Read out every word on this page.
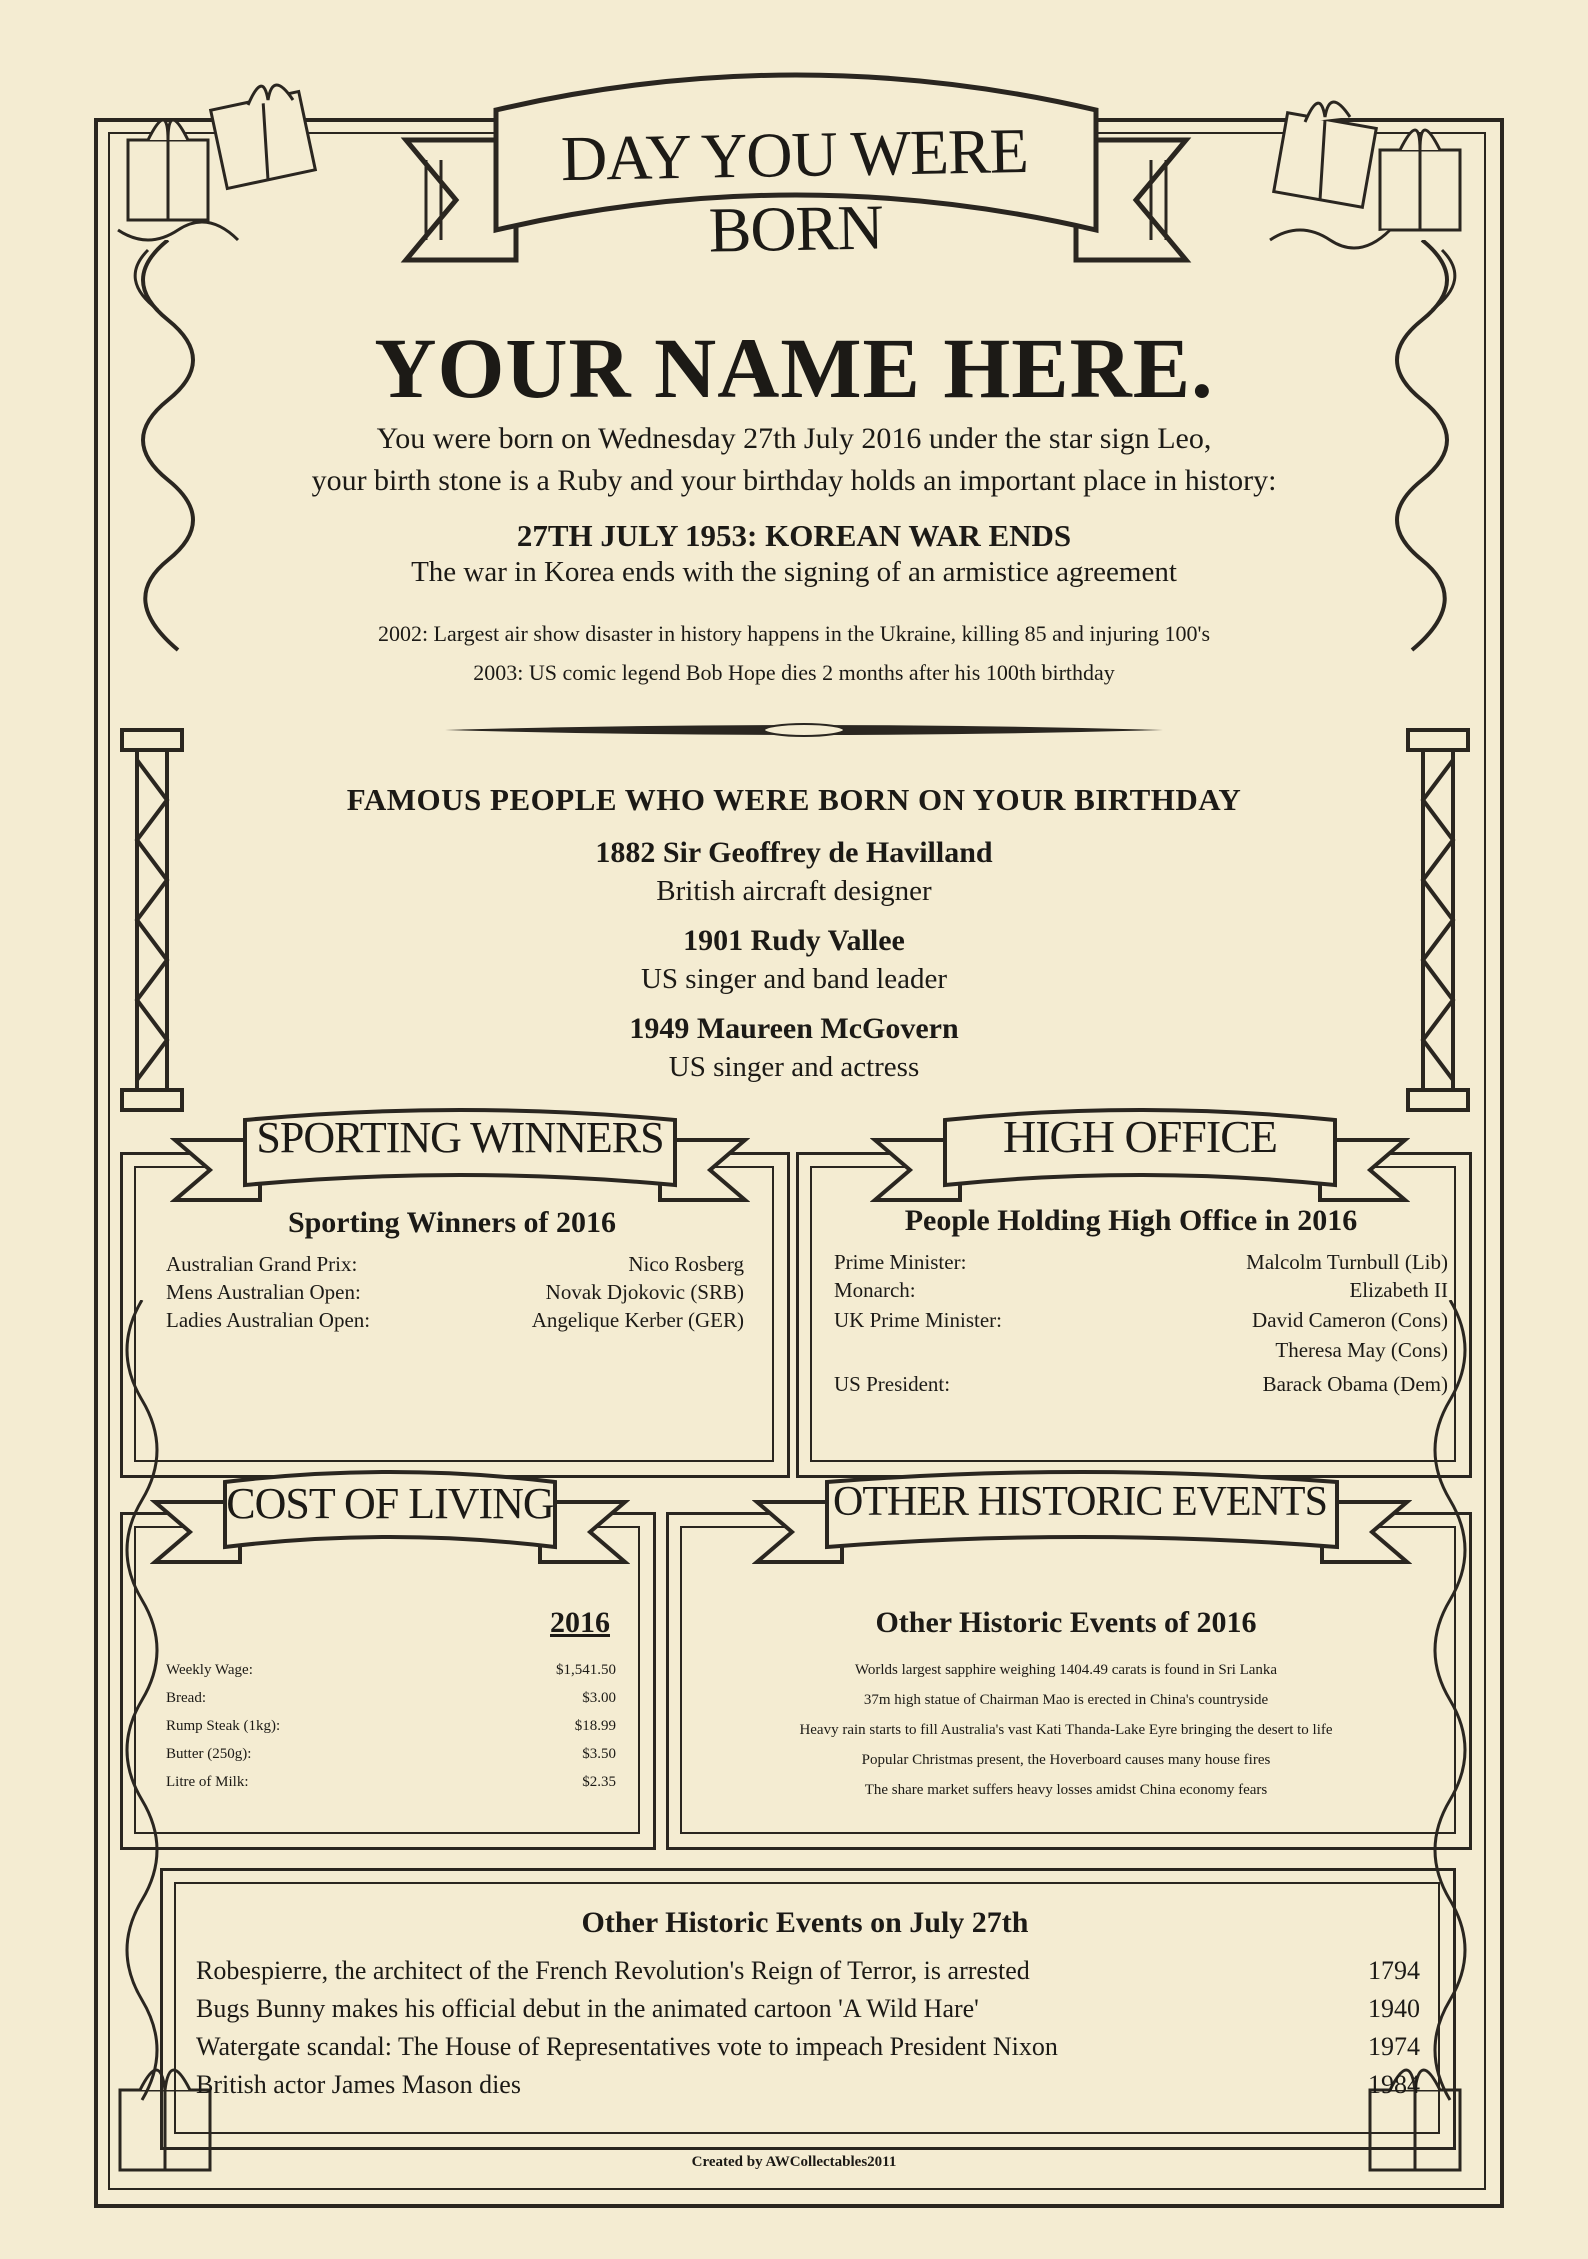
DAY YOU WERE BORN
YOUR NAME HERE.
You were born on Wednesday 27th July 2016 under the star sign Leo,
your birth stone is a Ruby and your birthday holds an important place in history:
27TH JULY 1953: KOREAN WAR ENDS
The war in Korea ends with the signing of an armistice agreement
2002: Largest air show disaster in history happens in the Ukraine, killing 85 and injuring 100's
2003: US comic legend Bob Hope dies 2 months after his 100th birthday
FAMOUS PEOPLE WHO WERE BORN ON YOUR BIRTHDAY
1882 Sir Geoffrey de Havilland
British aircraft designer
1901 Rudy Vallee
US singer and band leader
1949 Maureen McGovern
US singer and actress
SPORTING WINNERS
Sporting Winners of 2016
Australian Grand Prix:	Nico Rosberg
Mens Australian Open:	Novak Djokovic (SRB)
Ladies Australian Open:	Angelique Kerber (GER)
HIGH OFFICE
People Holding High Office in 2016
Prime Minister:	Malcolm Turnbull (Lib)
Monarch:	Elizabeth II
UK Prime Minister:	David Cameron (Cons)
Theresa May (Cons)
US President:	Barack Obama (Dem)
COST OF LIVING
2016
Weekly Wage:	$1,541.50
Bread:	$3.00
Rump Steak (1kg):	$18.99
Butter (250g):	$3.50
Litre of Milk:	$2.35
OTHER HISTORIC EVENTS
Other Historic Events of 2016
Worlds largest sapphire weighing 1404.49 carats is found in Sri Lanka
37m high statue of Chairman Mao is erected in China's countryside
Heavy rain starts to fill Australia's vast Kati Thanda-Lake Eyre bringing the desert to life
Popular Christmas present, the Hoverboard causes many house fires
The share market suffers heavy losses amidst China economy fears
Other Historic Events on July 27th
Robespierre, the architect of the French Revolution's Reign of Terror, is arrested	1794
Bugs Bunny makes his official debut in the animated cartoon 'A Wild Hare'	1940
Watergate scandal: The House of Representatives vote to impeach President Nixon	1974
British actor James Mason dies	1984
Created by AWCollectables2011
